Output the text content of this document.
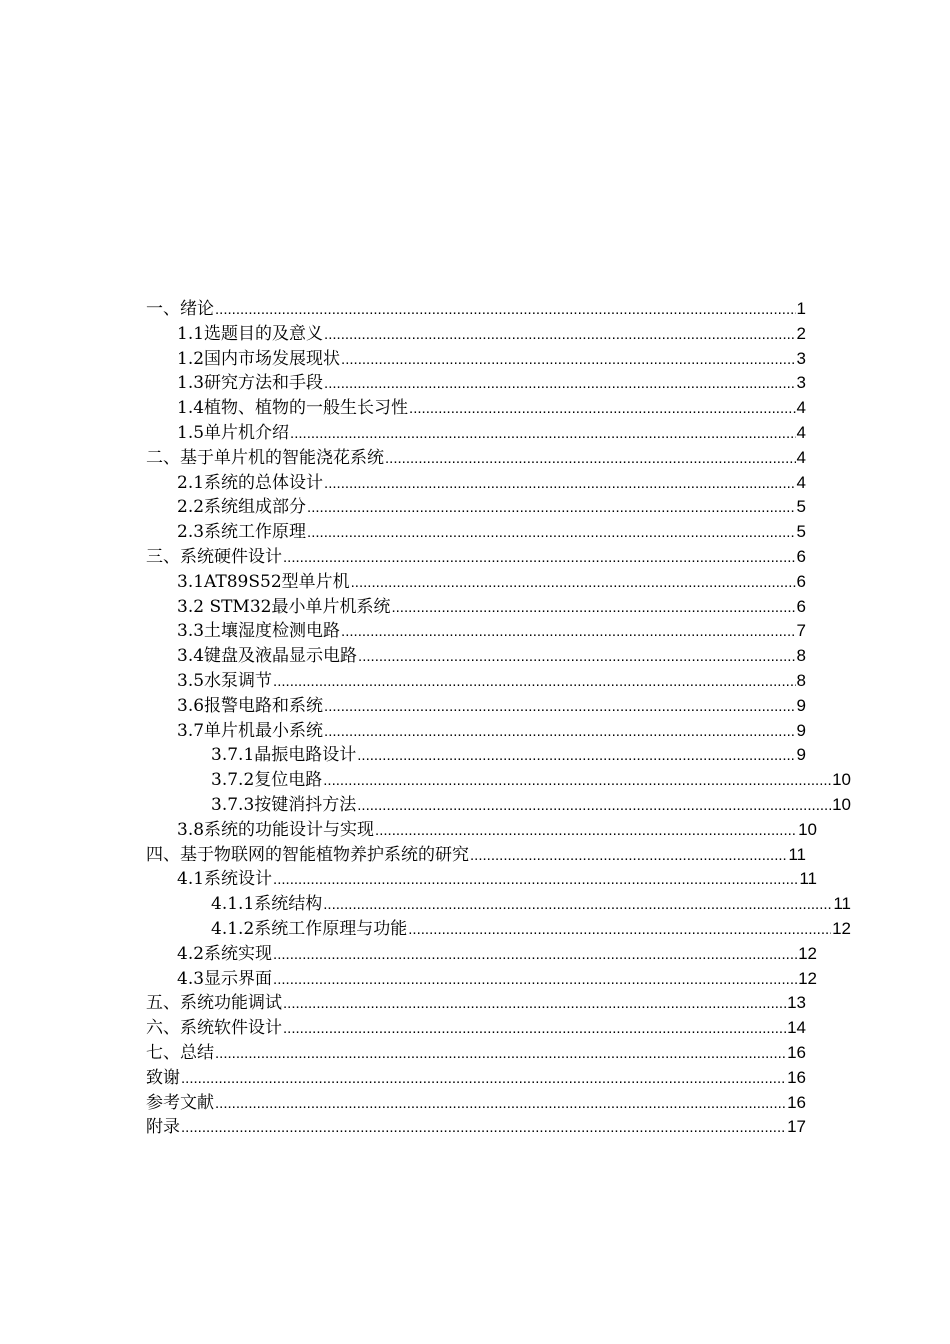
一、绪论 .....	1
1.1选题目的及意义 .....	2
1.2国内市场发展现状 .....	3
1.3研究方法和手段 .....	3
1.4植物、植物的一般生长习性 .....	4
1.5单片机介绍 .....	4
二、基于单片机的智能浇花系统 .....	4
2.1系统的总体设计 .....	4
2.2系统组成部分 .....	5
2.3系统工作原理 .....	5
三、系统硬件设计 .....	6
3.1AT89S52型单片机 .....	6
3.2 STM32最小单片机系统 .....	6
3.3土壤湿度检测电路 .....	7
3.4键盘及液晶显示电路 .....	8
3.5水泵调节 .....	8
3.6报警电路和系统 .....	9
3.7单片机最小系统 .....	9
3.7.1晶振电路设计 .....	9
3.7.2复位电路 .....	10
3.7.3按键消抖方法 .....	10
3.8系统的功能设计与实现 .....	10
四、基于物联网的智能植物养护系统的研究 .....	11
4.1系统设计 .....	11
4.1.1系统结构 .....	11
4.1.2系统工作原理与功能 .....	12
4.2系统实现 .....	12
4.3显示界面 .....	12
五、系统功能调试 .....	13
六、系统软件设计 .....	14
七、总结 .....	16
致谢 .....	16
参考文献 .....	16
附录 .....	17
